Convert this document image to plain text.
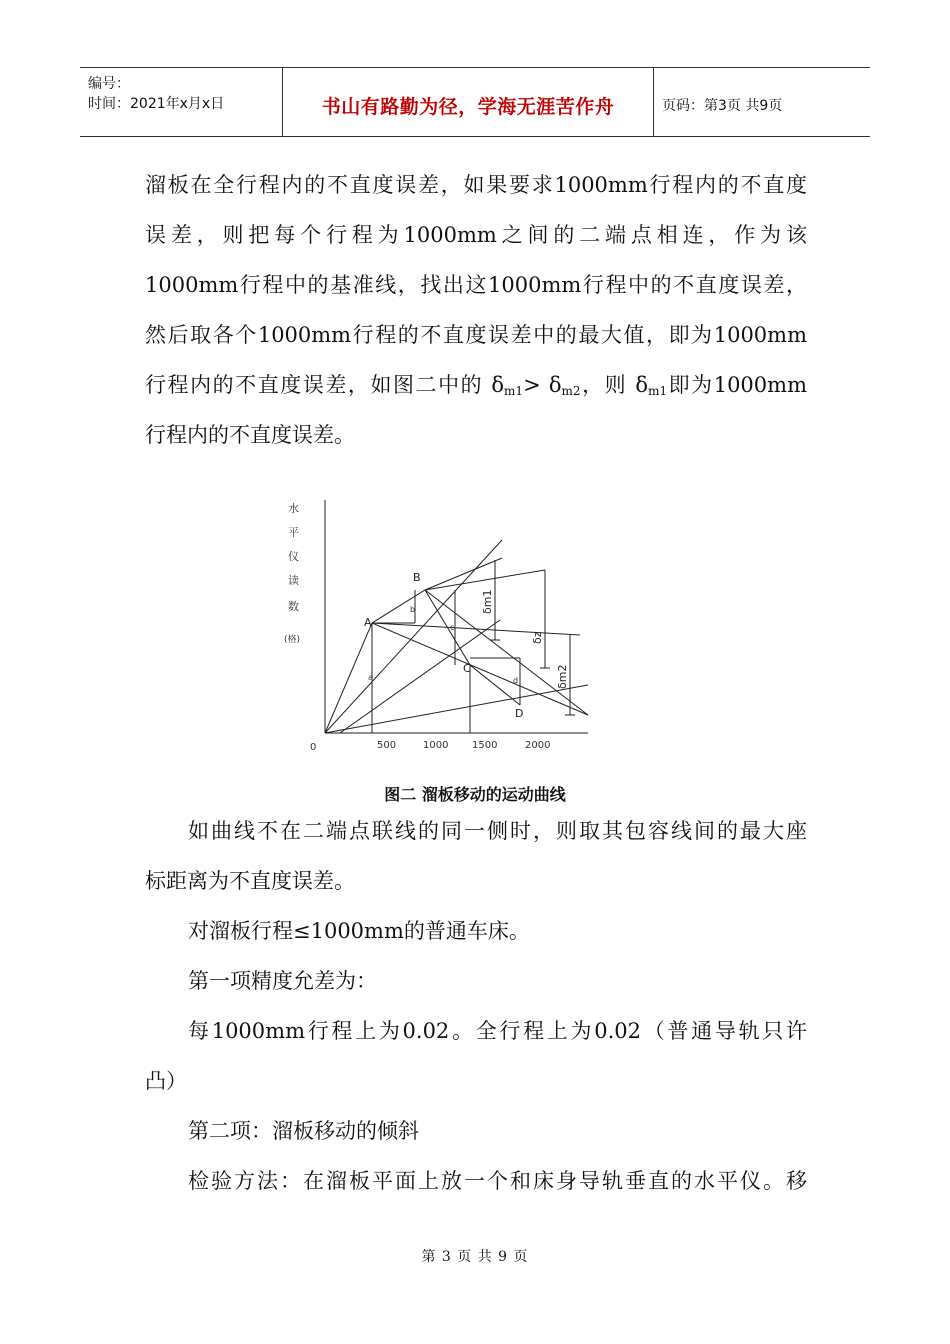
编号：
时间：2021年x月x日	书山有路勤为径，学海无涯苦作舟	页码：第3页 共9页
溜板在全行程内的不直度误差，如果要求1000mm行程内的不直度
误差，则把每个行程为1000mm之间的二端点相连，作为该
1000mm行程中的基准线，找出这1000mm行程中的不直度误差，
然后取各个1000mm行程的不直度误差中的最大值，即为1000mm
行程内的不直度误差，如图二中的 $\delta_{m1}> \delta_{m2}$，则 $\delta_{m1}$即为1000mm
行程内的不直度误差。
水
平
仪
读
数
(格)
0	500	1000 1500	2000
A
B
C
D
a
b
c
d
δm1
δz
δm2
图二 溜板移动的运动曲线
如曲线不在二端点联线的同一侧时，则取其包容线间的最大座
标距离为不直度误差。
对溜板行程≤1000mm的普通车床。
第一项精度允差为：
每1000mm行程上为0.02。全行程上为0.02（普通导轨只许
凸）
第二项：溜板移动的倾斜
检验方法：在溜板平面上放一个和床身导轨垂直的水平仪。移
第 3 页 共 9 页
